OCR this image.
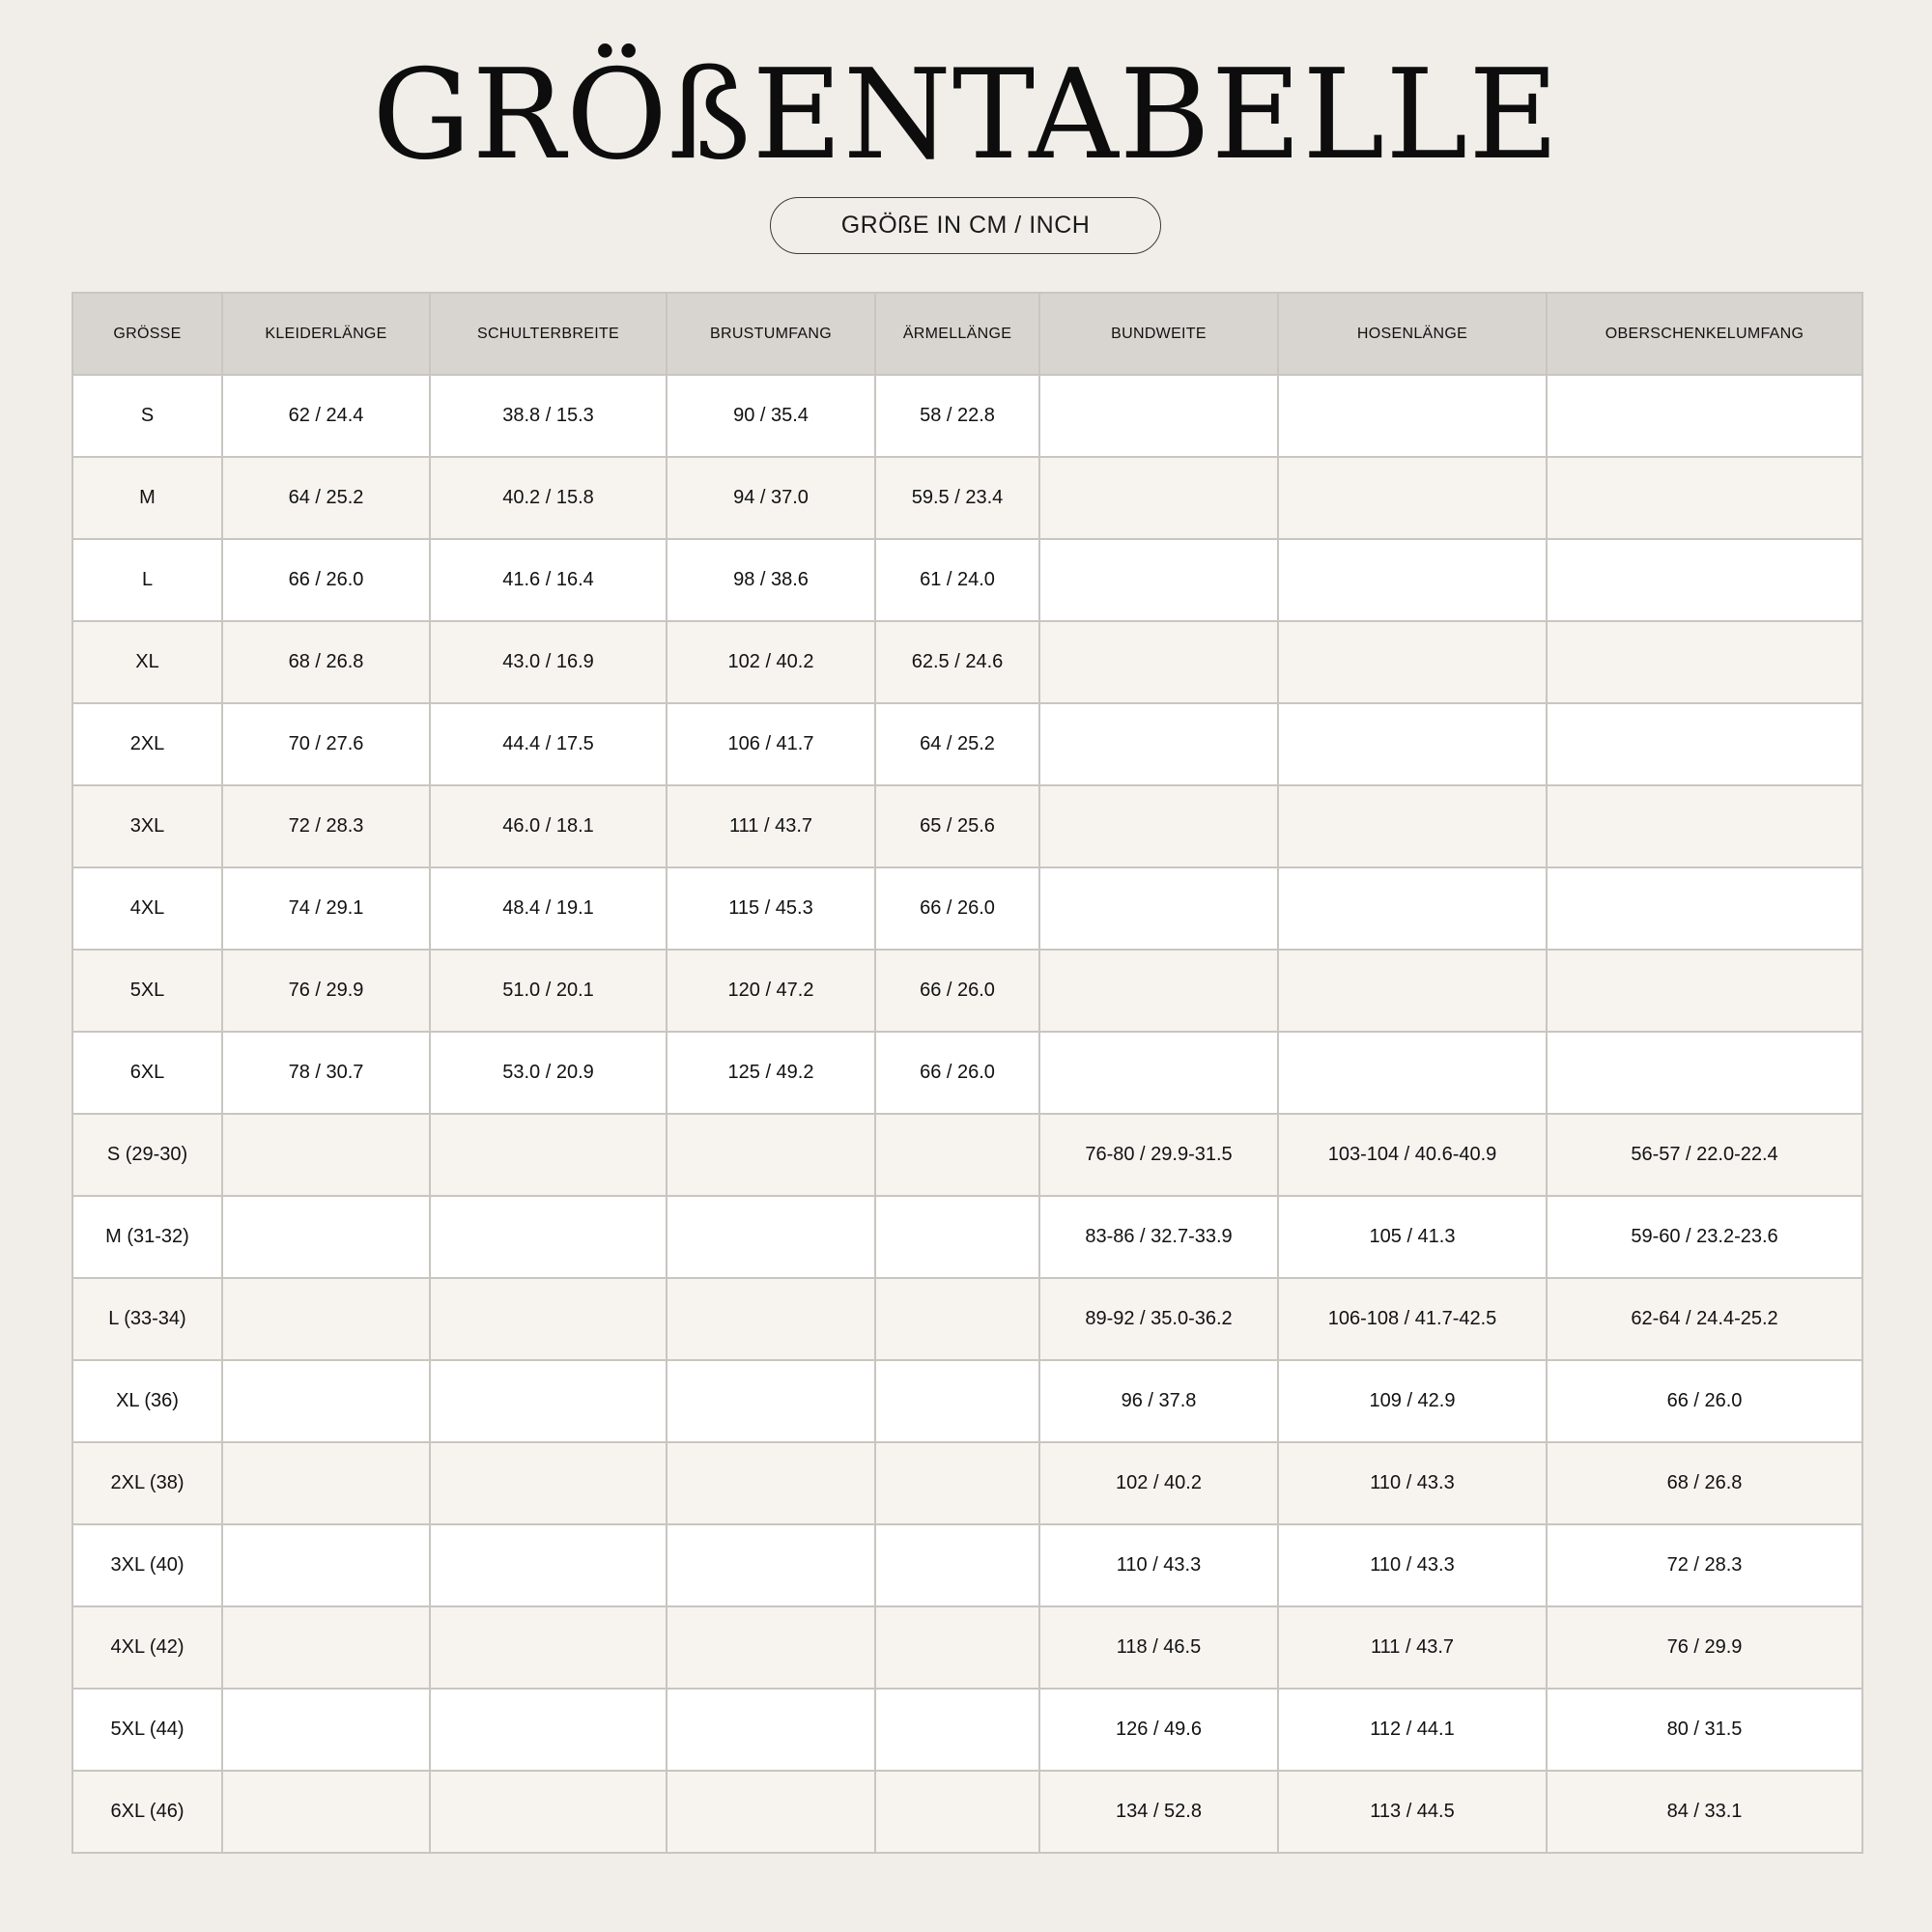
GRÖßENTABELLE
GRÖßE IN CM / INCH
GRÖSSE	KLEIDERLÄNGE	SCHULTERBREITE	BRUSTUMFANG	ÄRMELLÄNGE	BUNDWEITE	HOSENLÄNGE	OBERSCHENKELUMFANG
S	62 / 24.4	38.8 / 15.3	90 / 35.4	58 / 22.8			
M	64 / 25.2	40.2 / 15.8	94 / 37.0	59.5 / 23.4			
L	66 / 26.0	41.6 / 16.4	98 / 38.6	61 / 24.0			
XL	68 / 26.8	43.0 / 16.9	102 / 40.2	62.5 / 24.6			
2XL	70 / 27.6	44.4 / 17.5	106 / 41.7	64 / 25.2			
3XL	72 / 28.3	46.0 / 18.1	111 / 43.7	65 / 25.6			
4XL	74 / 29.1	48.4 / 19.1	115 / 45.3	66 / 26.0			
5XL	76 / 29.9	51.0 / 20.1	120 / 47.2	66 / 26.0			
6XL	78 / 30.7	53.0 / 20.9	125 / 49.2	66 / 26.0			
S (29-30)					76-80 / 29.9-31.5	103-104 / 40.6-40.9	56-57 / 22.0-22.4
M (31-32)					83-86 / 32.7-33.9	105 / 41.3	59-60 / 23.2-23.6
L (33-34)					89-92 / 35.0-36.2	106-108 / 41.7-42.5	62-64 / 24.4-25.2
XL (36)					96 / 37.8	109 / 42.9	66 / 26.0
2XL (38)					102 / 40.2	110 / 43.3	68 / 26.8
3XL (40)					110 / 43.3	110 / 43.3	72 / 28.3
4XL (42)					118 / 46.5	111 / 43.7	76 / 29.9
5XL (44)					126 / 49.6	112 / 44.1	80 / 31.5
6XL (46)					134 / 52.8	113 / 44.5	84 / 33.1
